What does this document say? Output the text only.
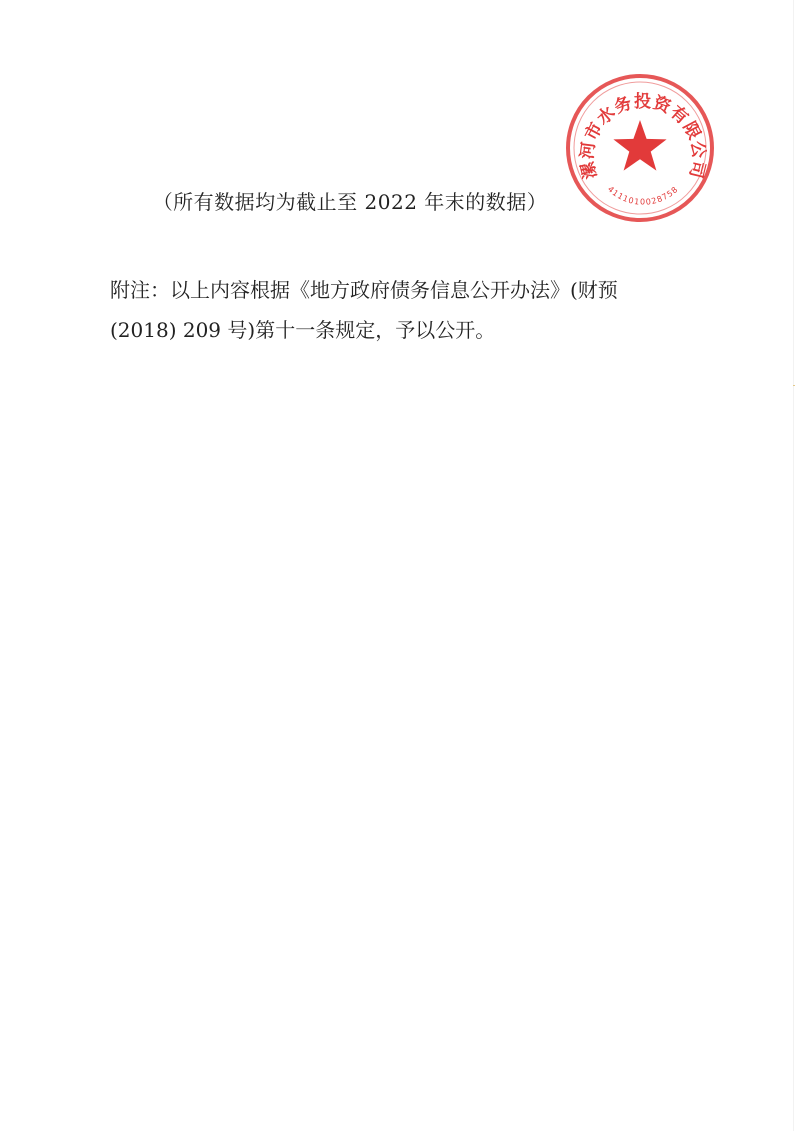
漯河市水务投资有限公司
4111010028758
（所有数据均为截止至 2022 年末的数据）
附注：以上内容根据《地方政府债务信息公开办法》(财预
(2018) 209 号)第十一条规定，予以公开。
